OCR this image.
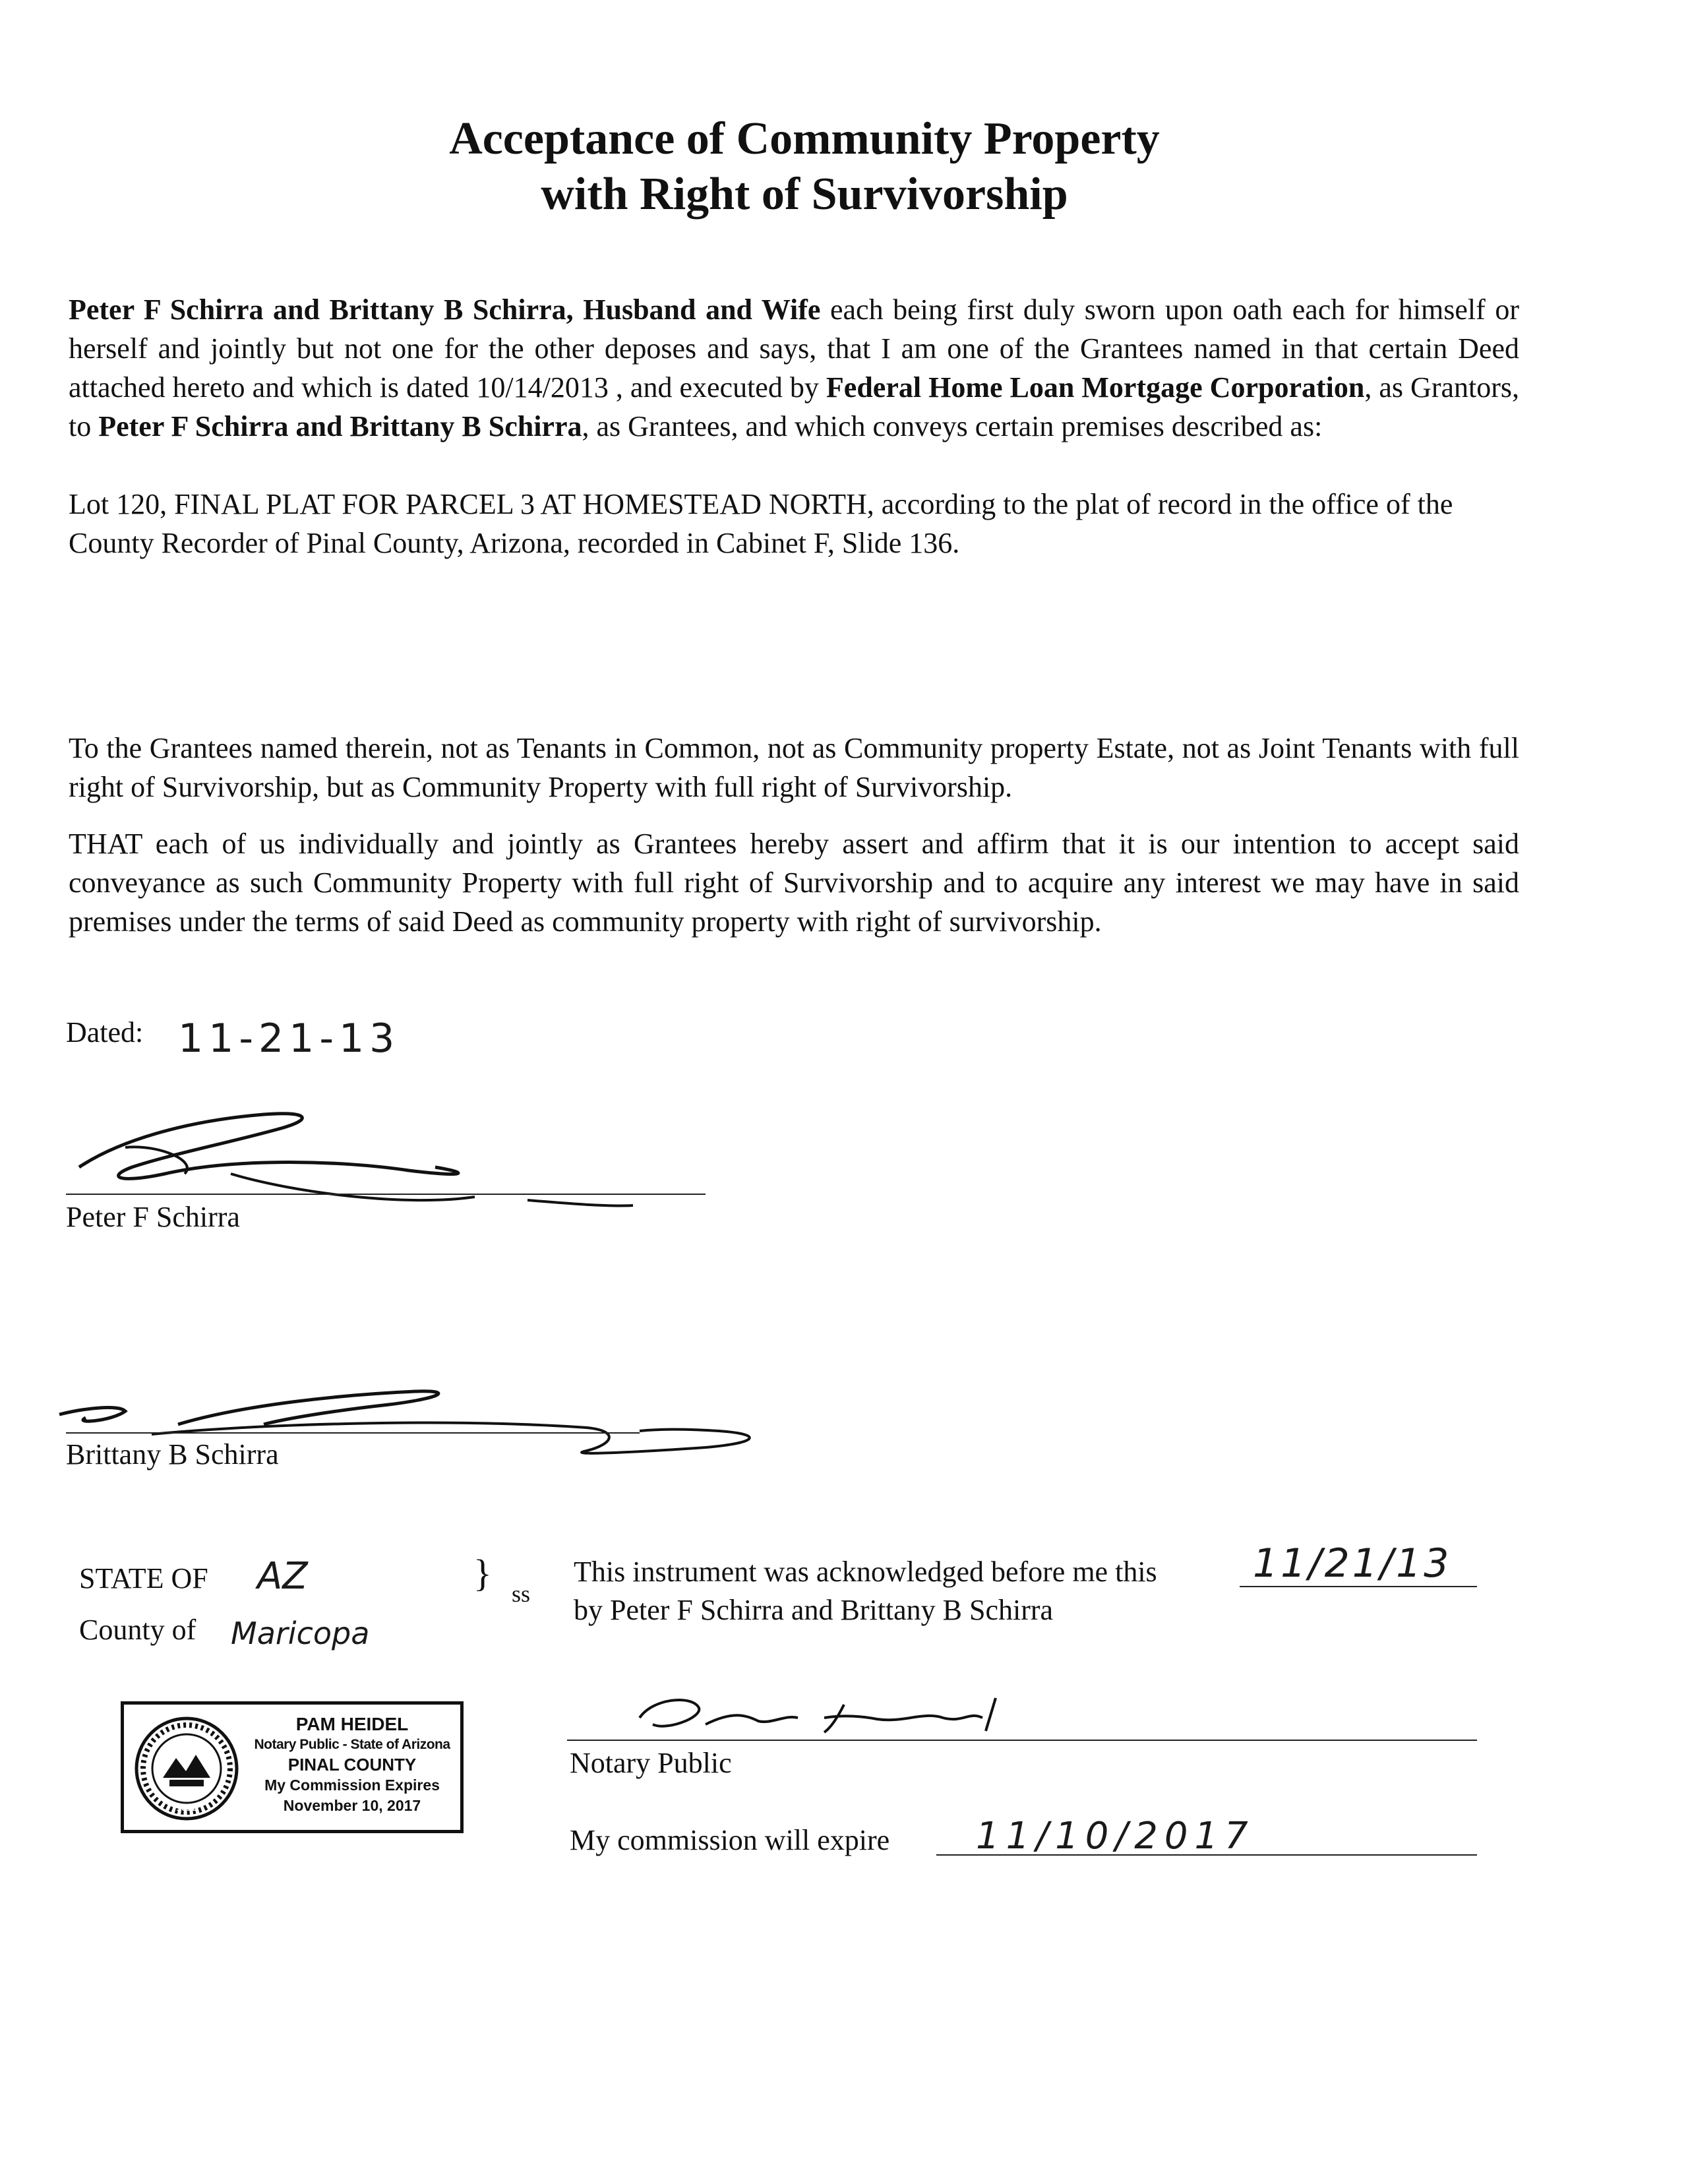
Acceptance of Community Property
with Right of Survivorship
Peter F Schirra and Brittany B Schirra, Husband and Wife each being first duly sworn upon oath each for himself or herself and jointly but not one for the other deposes and says, that I am one of the Grantees named in that certain Deed attached hereto and which is dated 10/14/2013 , and executed by Federal Home Loan Mortgage Corporation, as Grantors, to Peter F Schirra and Brittany B Schirra, as Grantees, and which conveys certain premises described as:
Lot 120, FINAL PLAT FOR PARCEL 3 AT HOMESTEAD NORTH, according to the plat of record in the office of the County Recorder of Pinal County, Arizona, recorded in Cabinet F, Slide 136.
To the Grantees named therein, not as Tenants in Common, not as Community property Estate, not as Joint Tenants with full right of Survivorship, but as Community Property with full right of Survivorship.
THAT each of us individually and jointly as Grantees hereby assert and affirm that it is our intention to accept said conveyance as such Community Property with full right of Survivorship and to acquire any interest we may have in said premises under the terms of said Deed as community property with right of survivorship.
Dated: 11-21-13
Peter F Schirra
Brittany B Schirra
STATE OF AZ	} ss
County of Maricopa
This instrument was acknowledged before me this 11/21/13
by Peter F Schirra and Brittany B Schirra
1912
PAM HEIDEL
Notary Public - State of Arizona
PINAL COUNTY
My Commission Expires
November 10, 2017
Notary Public
My commission will expire 11/10/2017
